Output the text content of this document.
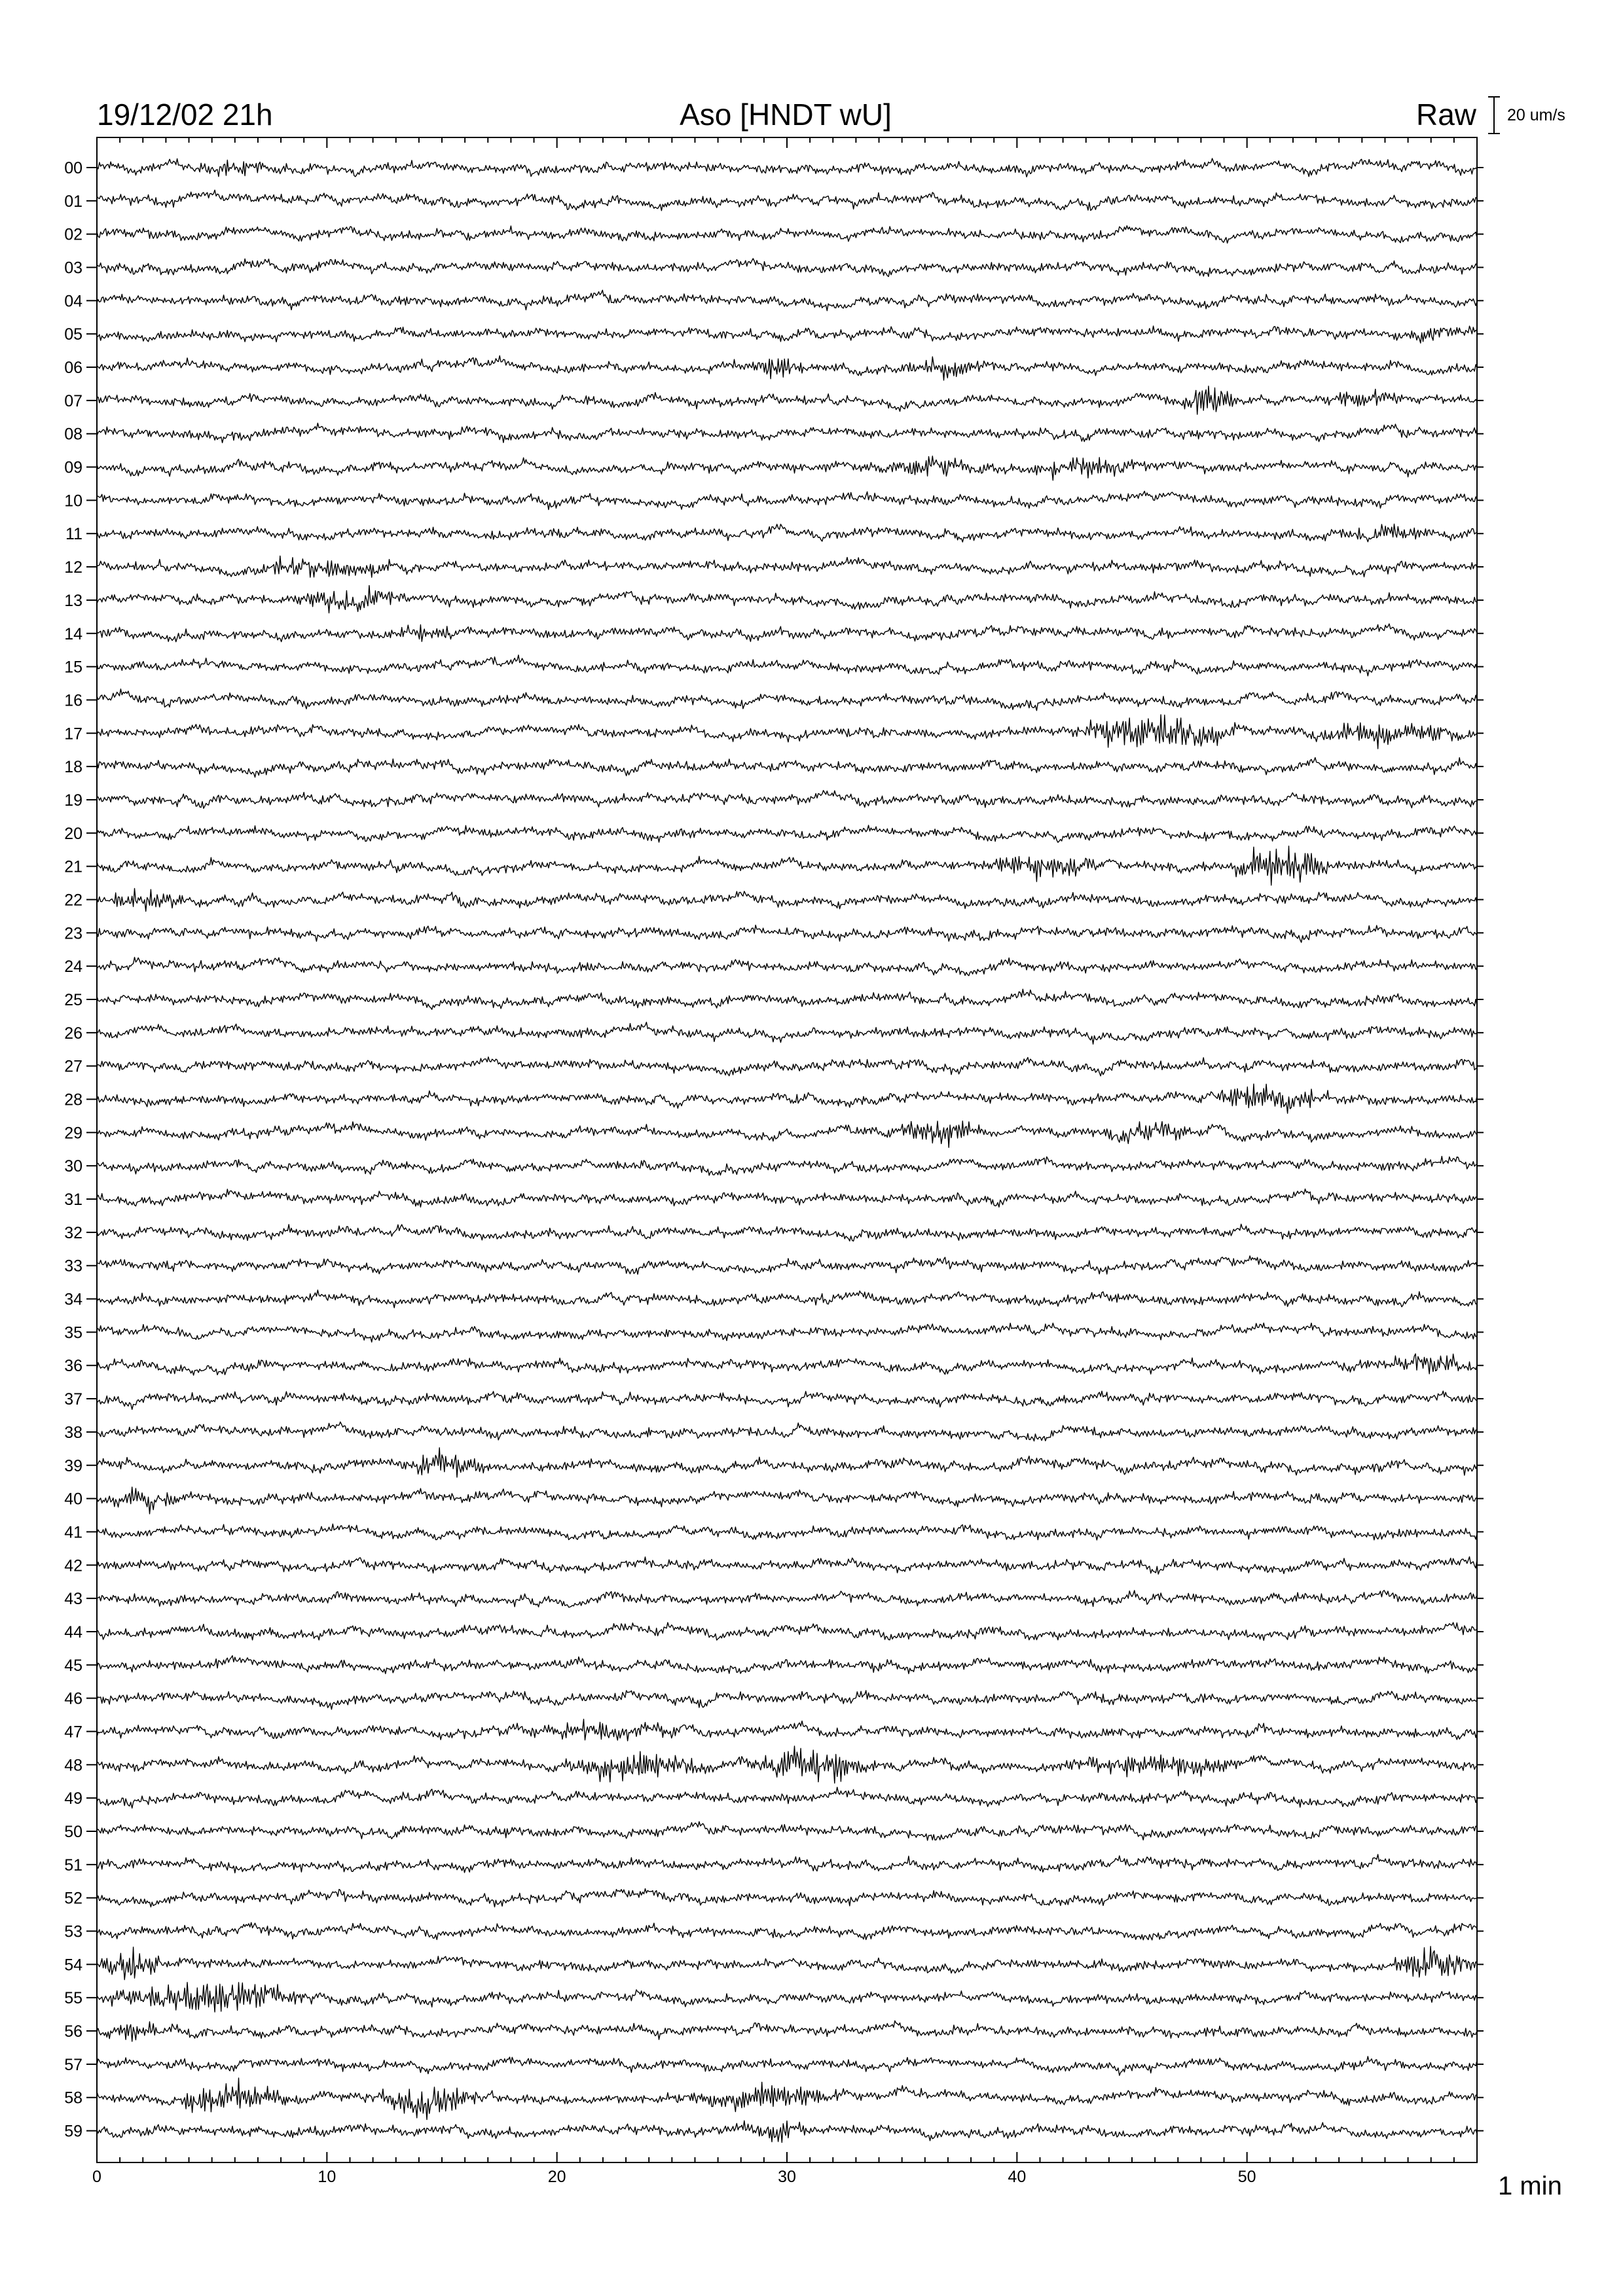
19/12/02 21h	Aso [HNDT wU]	Raw 20 um/s
00
01
02
03
04
05
06
07
08
09
10
11
12
13
14
15
16
17
18
19
20
21
22
23
24
25
26
27
28
29
30
31
32
33
34
35
36
37
38
39
40
41
42
43
44
45
46
47
48
49
50
51
52
53
54
55
56
57
58
59
0	10	20	30	40	50	1 min
